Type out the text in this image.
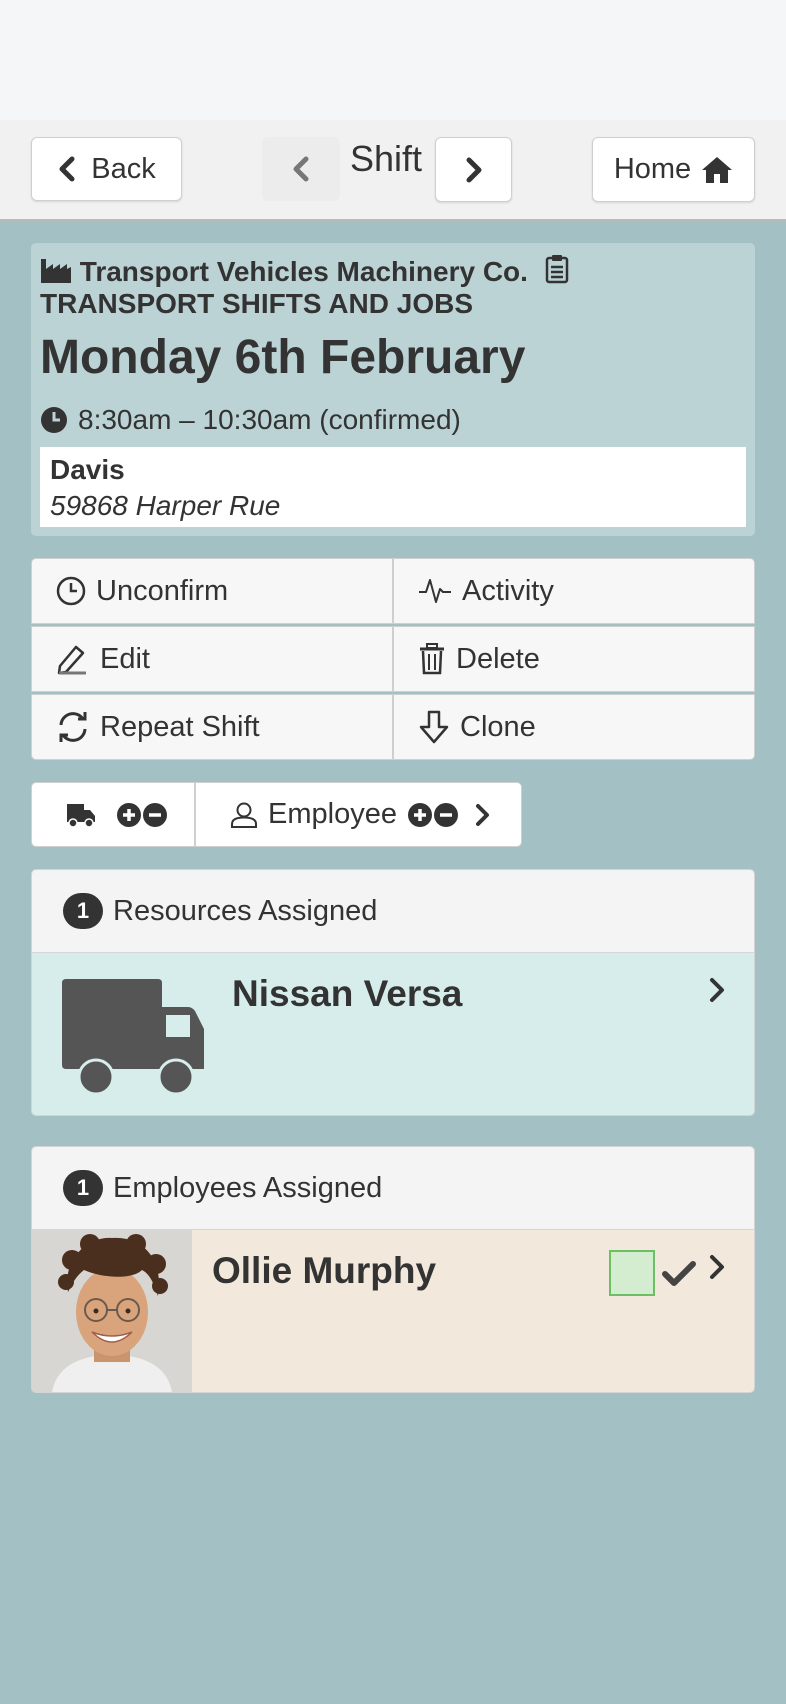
Back	Home
Shift
Transport Vehicles Machinery Co.  TRANSPORT SHIFTS AND JOBS
Monday 6th February
8:30am – 10:30am (confirmed)
Davis
59868 Harper Rue
Unconfirm	Activity
Edit	Delete
Repeat Shift	Clone
Employee
1 Resources Assigned
Nissan Versa
1 Employees Assigned
Ollie Murphy
